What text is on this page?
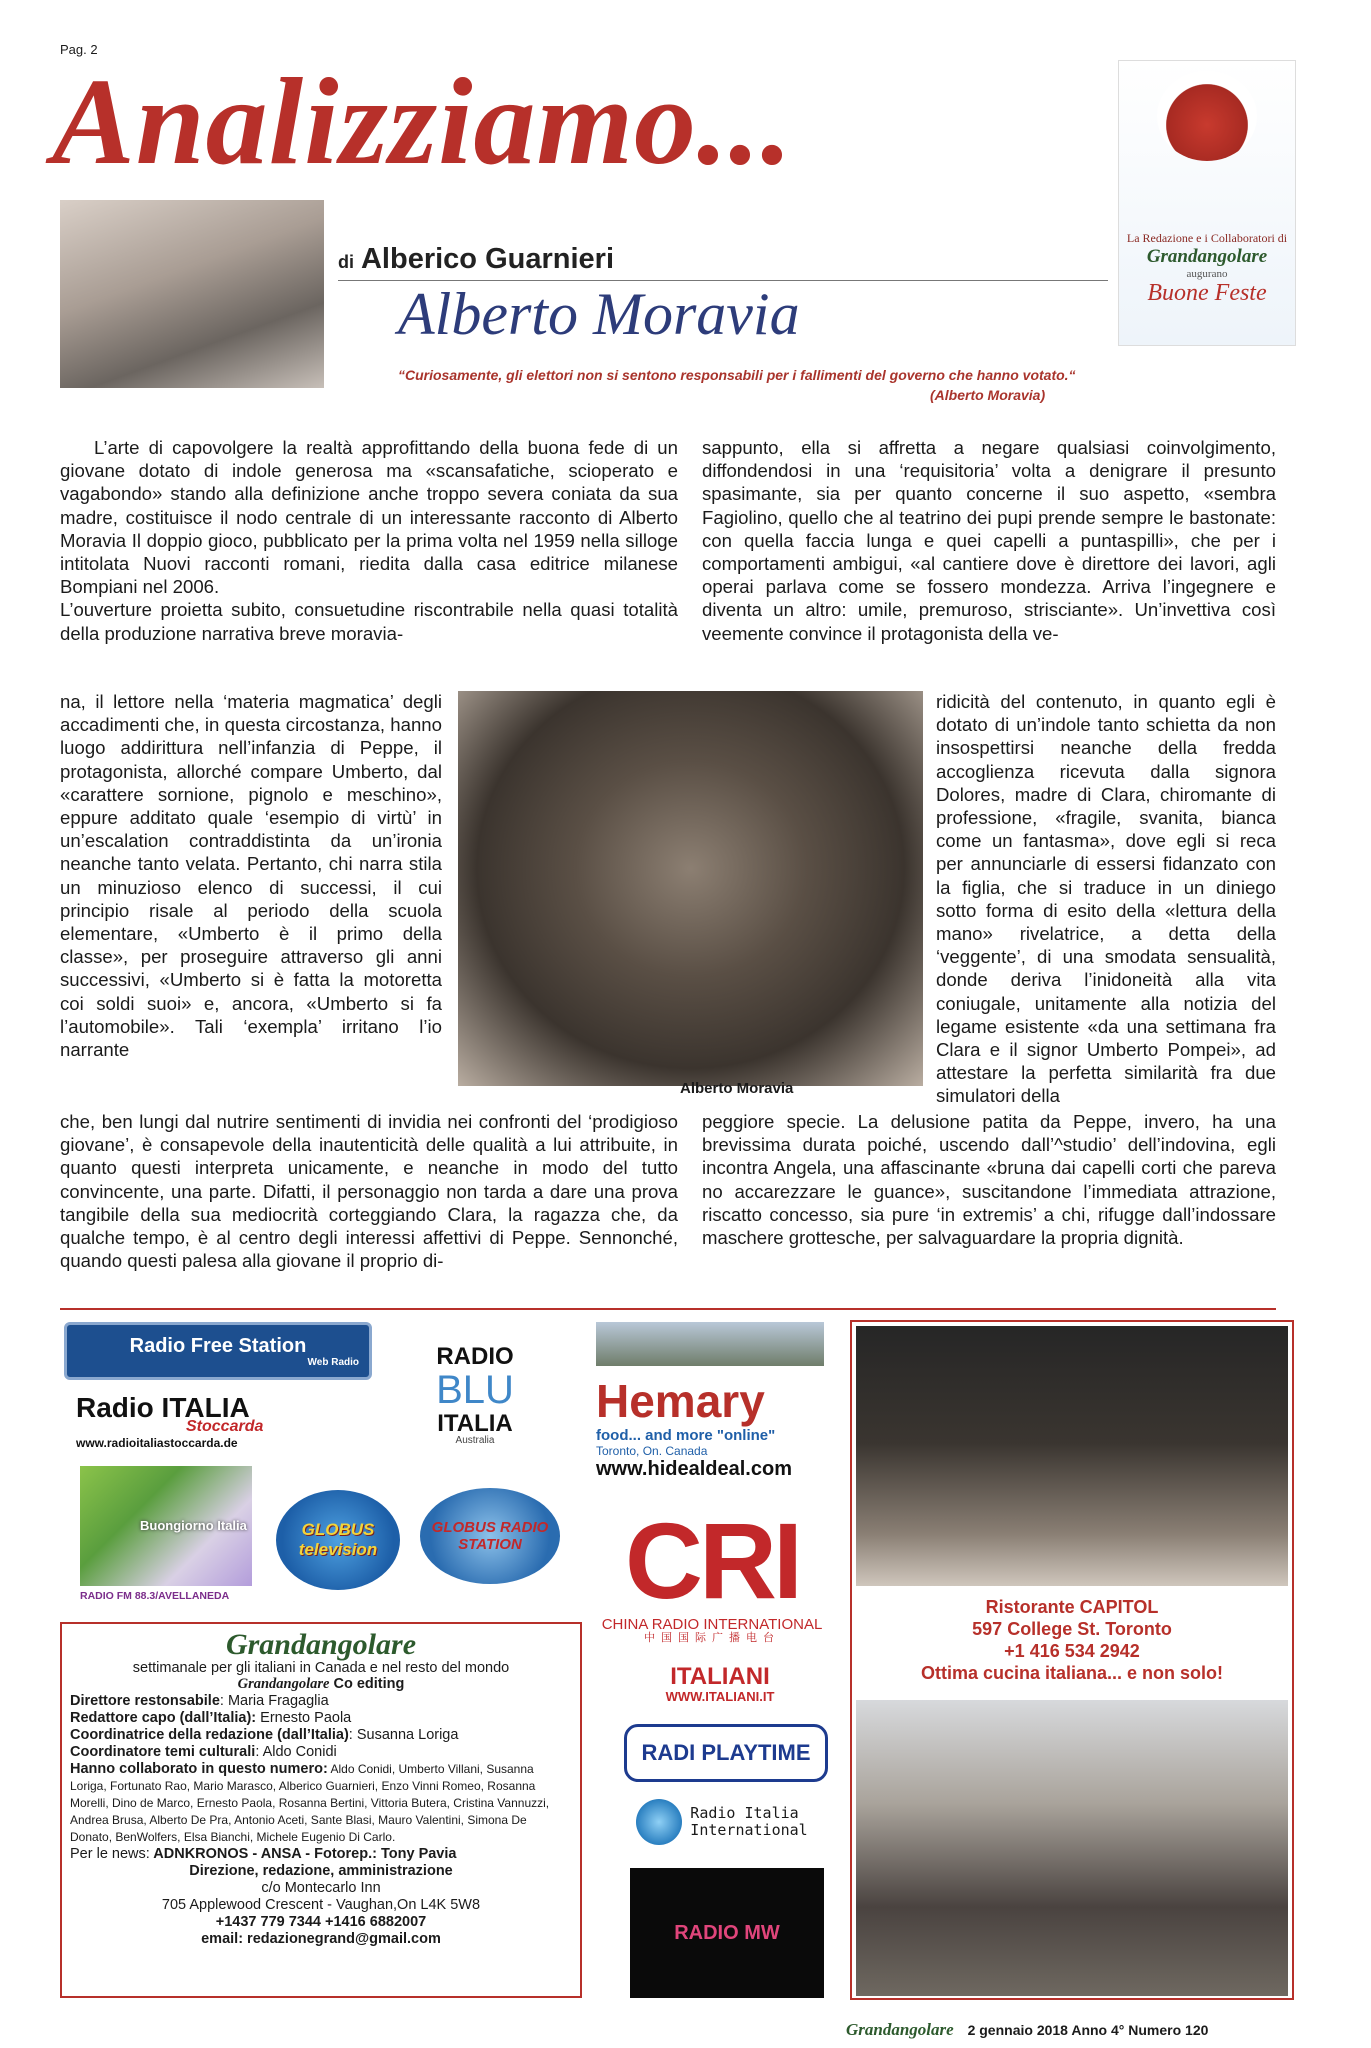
Pag. 2
Analizziamo...
di Alberico Guarnieri
Alberto Moravia
“Curiosamente, gli elettori non si sentono responsabili per i fallimenti del governo che hanno votato.“
(Alberto Moravia)
La Redazione e i Collaboratori di
Grandangolare
augurano
Buone Feste

L’arte di capovolgere la realtà approfittando della buona fede di un giovane dotato di indole generosa ma «scansafatiche, scioperato e vagabondo» stando alla definizione anche troppo severa coniata da sua madre, costituisce il nodo centrale di un interessante racconto di Alberto Moravia Il doppio gioco, pubblicato per la prima volta nel 1959 nella silloge intitolata Nuovi racconti romani, riedita dalla casa editrice milanese Bompiani nel 2006.

L’ouverture proietta subito, consuetudine riscontrabile nella quasi totalità della produzione narrativa breve moravia-

na, il lettore nella ‘materia magmatica’ degli accadimenti che, in questa circostanza, hanno luogo addirittura nell’infanzia di Peppe, il protagonista, allorché compare Umberto, dal «carattere sornione, pignolo e meschino», eppure additato quale ‘esempio di virtù’ in un’escalation contraddistinta da un’ironia neanche tanto velata. Pertanto, chi narra stila un minuzioso elenco di successi, il cui principio risale al periodo della scuola elementare, «Umberto è il primo della classe», per proseguire attraverso gli anni successivi, «Umberto si è fatta la motoretta coi soldi suoi» e, ancora, «Umberto si fa l’automobile». Tali ‘exempla’ irritano l’io narrante

che, ben lungi dal nutrire sentimenti di invidia nei confronti del ‘prodigioso giovane’, è consapevole della inautenticità delle qualità a lui attribuite, in quanto questi interpreta unicamente, e neanche in modo del tutto convincente, una parte. Difatti, il personaggio non tarda a dare una prova tangibile della sua mediocrità corteggiando Clara, la ragazza che, da qualche tempo, è al centro degli interessi affettivi di Peppe. Sennonché, quando questi palesa alla giovane il proprio di-

sappunto, ella si affretta a negare qualsiasi coinvolgimento, diffondendosi in una ‘requisitoria’ volta a denigrare il presunto spasimante, sia per quanto concerne il suo aspetto, «sembra Fagiolino, quello che al teatrino dei pupi prende sempre le bastonate: con quella faccia lunga e quei capelli a puntaspilli», che per i comportamenti ambigui, «al cantiere dove è direttore dei lavori, agli operai parlava come se fossero mondezza. Arriva l’ingegnere e diventa un altro: umile, premuroso, strisciante». Un’invettiva così veemente convince il protagonista della ve-

ridicità del contenuto, in quanto egli è dotato di un’indole tanto schietta da non insospettirsi neanche della fredda accoglienza ricevuta dalla signora Dolores, madre di Clara, chiromante di professione, «fragile, svanita, bianca come un fantasma», dove egli si reca per annunciarle di essersi fidanzato con la figlia, che si traduce in un diniego sotto forma di esito della «lettura della mano» rivelatrice, a detta della ‘veggente’, di una smodata sensualità, donde deriva l’inidoneità alla vita coniugale, unitamente alla notizia del legame esistente «da una settimana fra Clara e il signor Umberto Pompei», ad attestare la perfetta similarità fra due simulatori della

peggiore specie. La delusione patita da Peppe, invero, ha una brevissima durata poiché, uscendo dall’^studio’ dell’indovina, egli incontra Angela, una affascinante «bruna dai capelli corti che pareva no accarezzare le guance», suscitandone l’immediata attrazione, riscatto concesso, sia pure ‘in extremis’ a chi, rifugge dall’indossare maschere grottesche, per salvaguardare la propria dignità.

Alberto Moravia
Radio Free Station
Web Radio
Radio ITALIA
Stoccarda
www.radioitaliastoccarda.de
RADIO
BLU
ITALIA
Australia
Hemary
food... and more "online"
Toronto, On. Canada
www.hidealdeal.com
Buongiorno Italia
RADIO FM 88.3/AVELLANEDA
GLOBUS television
GLOBUS RADIO STATION CRI
CHINA RADIO INTERNATIONAL
中国国际广播电台
ITALIANI
WWW.ITALIANI.IT
RADI PLAYTIME
Radio Italia
International
RADIO MW
Grandangolare
settimanale per gli italiani in Canada e nel resto del mondo
Grandangolare Co editing
Direttore restonsabile: Maria Fragaglia
Redattore capo (dall’Italia): Ernesto Paola
Coordinatrice della redazione (dall’Italia): Susanna Loriga
Coordinatore temi culturali: Aldo Conidi
Hanno collaborato in questo numero: Aldo Conidi, Umberto Villani, Susanna Loriga, Fortunato Rao, Mario Marasco, Alberico Guarnieri, Enzo Vinni Romeo, Rosanna Morelli, Dino de Marco, Ernesto Paola, Rosanna Bertini, Vittoria Butera, Cristina Vannuzzi, Andrea Brusa, Alberto De Pra, Antonio Aceti, Sante Blasi, Mauro Valentini, Simona De Donato, BenWolfers, Elsa Bianchi, Michele Eugenio Di Carlo.
Per le news: ADNKRONOS - ANSA - Fotorep.: Tony Pavia
Direzione, redazione, amministrazione
c/o Montecarlo Inn
705 Applewood Crescent - Vaughan,On L4K 5W8
+1437 779 7344 +1416 6882007
email: redazionegrand@gmail.com
Ristorante CAPITOL
597 College St. Toronto
+1 416 534 2942
Ottima cucina italiana... e non solo!
Grandangolare 2 gennaio 2018 Anno 4° Numero 120
